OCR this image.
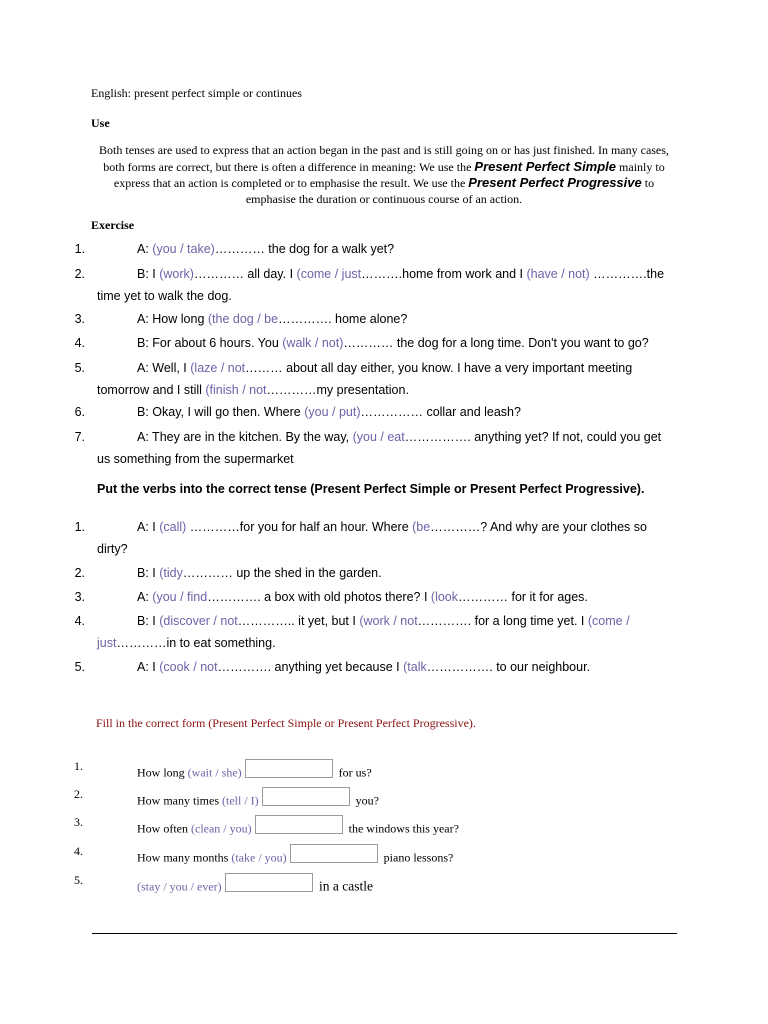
English: present perfect simple or continues
Use
Both tenses are used to express that an action began in the past and is still going on or has just finished. In many cases, both forms are correct, but there is often a difference in meaning: We use the Present Perfect Simple mainly to express that an action is completed or to emphasise the result. We use the Present Perfect Progressive to emphasise the duration or continuous course of an action.
Exercise
1.	A: (you / take)………… the dog for a walk yet?
2.	B: I (work)………… all day. I (come / just……….home from work and I (have / not) ………….the time yet to walk the dog.
3.	A: How long (the dog / be…………. home alone?
4.	B: For about 6 hours. You (walk / not)………… the dog for a long time. Don't you want to go?
5.	A: Well, I (laze / not……… about all day either, you know. I have a very important meeting tomorrow and I still (finish / not…………my presentation.
6.	B: Okay, I will go then. Where (you / put)…………… collar and leash?
7.	A: They are in the kitchen. By the way, (you / eat……………. anything yet? If not, could you get us something from the supermarket
Put the verbs into the correct tense (Present Perfect Simple or Present Perfect Progressive).
1.	A: I (call) …………for you for half an hour. Where (be…………? And why are your clothes so dirty?
2.	B: I (tidy………… up the shed in the garden.
3.	A: (you / find…………. a box with old photos there? I (look………… for it for ages.
4.	B: I (discover / not………….. it yet, but I (work / not…………. for a long time yet. I (come / just…………in to eat something.
5.	A: I (cook / not…………. anything yet because I (talk……………. to our neighbour.
Fill in the correct form (Present Perfect Simple or Present Perfect Progressive).
1.	How long (wait / she)	for us?
2.	How many times (tell / I)	you?
3.	How often (clean / you)	the windows this year?
4.	How many months (take / you)	piano lessons?
5.	(stay / you / ever)	in a castle
